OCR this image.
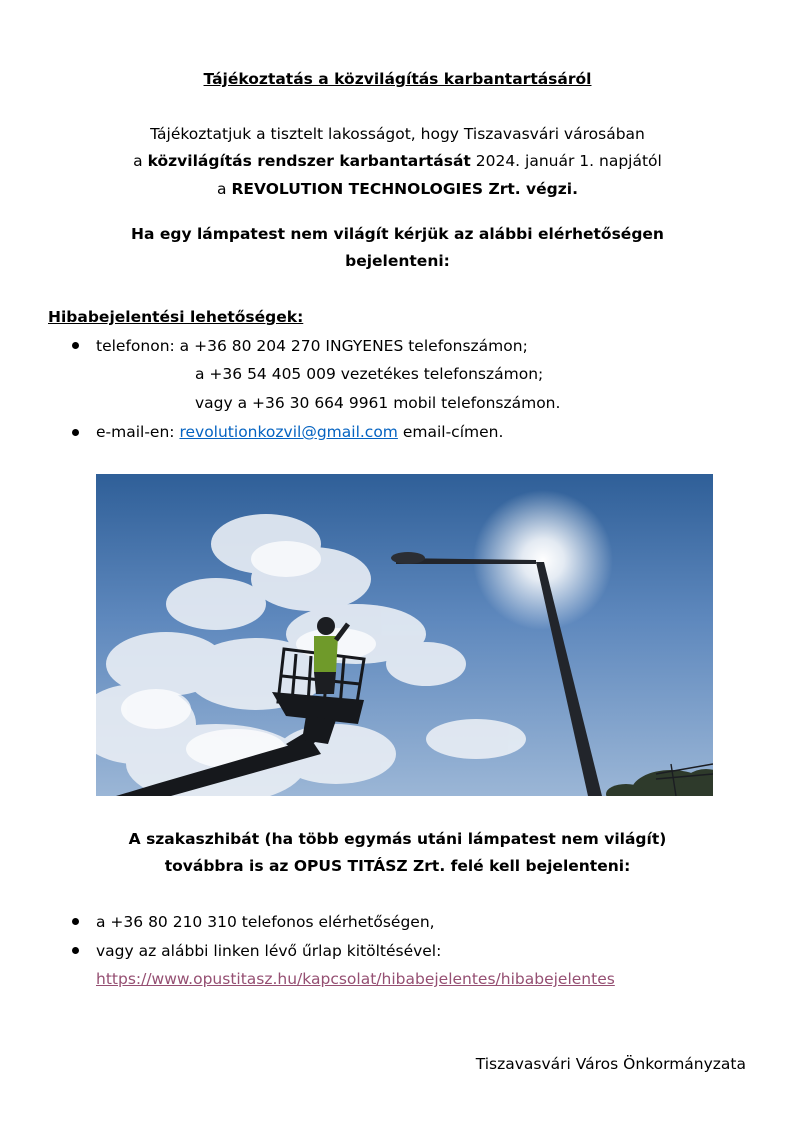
Tájékoztatás a közvilágítás karbantartásáról
Tájékoztatjuk a tisztelt lakosságot, hogy Tiszavasvári városában
a közvilágítás rendszer karbantartását 2024. január 1. napjától
a REVOLUTION TECHNOLOGIES Zrt. végzi.
Ha egy lámpatest nem világít kérjük az alábbi elérhetőségen
bejelenteni:
Hibabejelentési lehetőségek:
telefonon: a +36 80 204 270 INGYENES telefonszámon;
a +36 54 405 009 vezetékes telefonszámon;
vagy a +36 30 664 9961 mobil telefonszámon.
e-mail-en: revolutionkozvil@gmail.com email-címen.
A szakaszhibát (ha több egymás utáni lámpatest nem világít)
továbbra is az OPUS TITÁSZ Zrt. felé kell bejelenteni:
a +36 80 210 310 telefonos elérhetőségen,
vagy az alábbi linken lévő űrlap kitöltésével:
https://www.opustitasz.hu/kapcsolat/hibabejelentes/hibabejelentes
Tiszavasvári Város Önkormányzata
